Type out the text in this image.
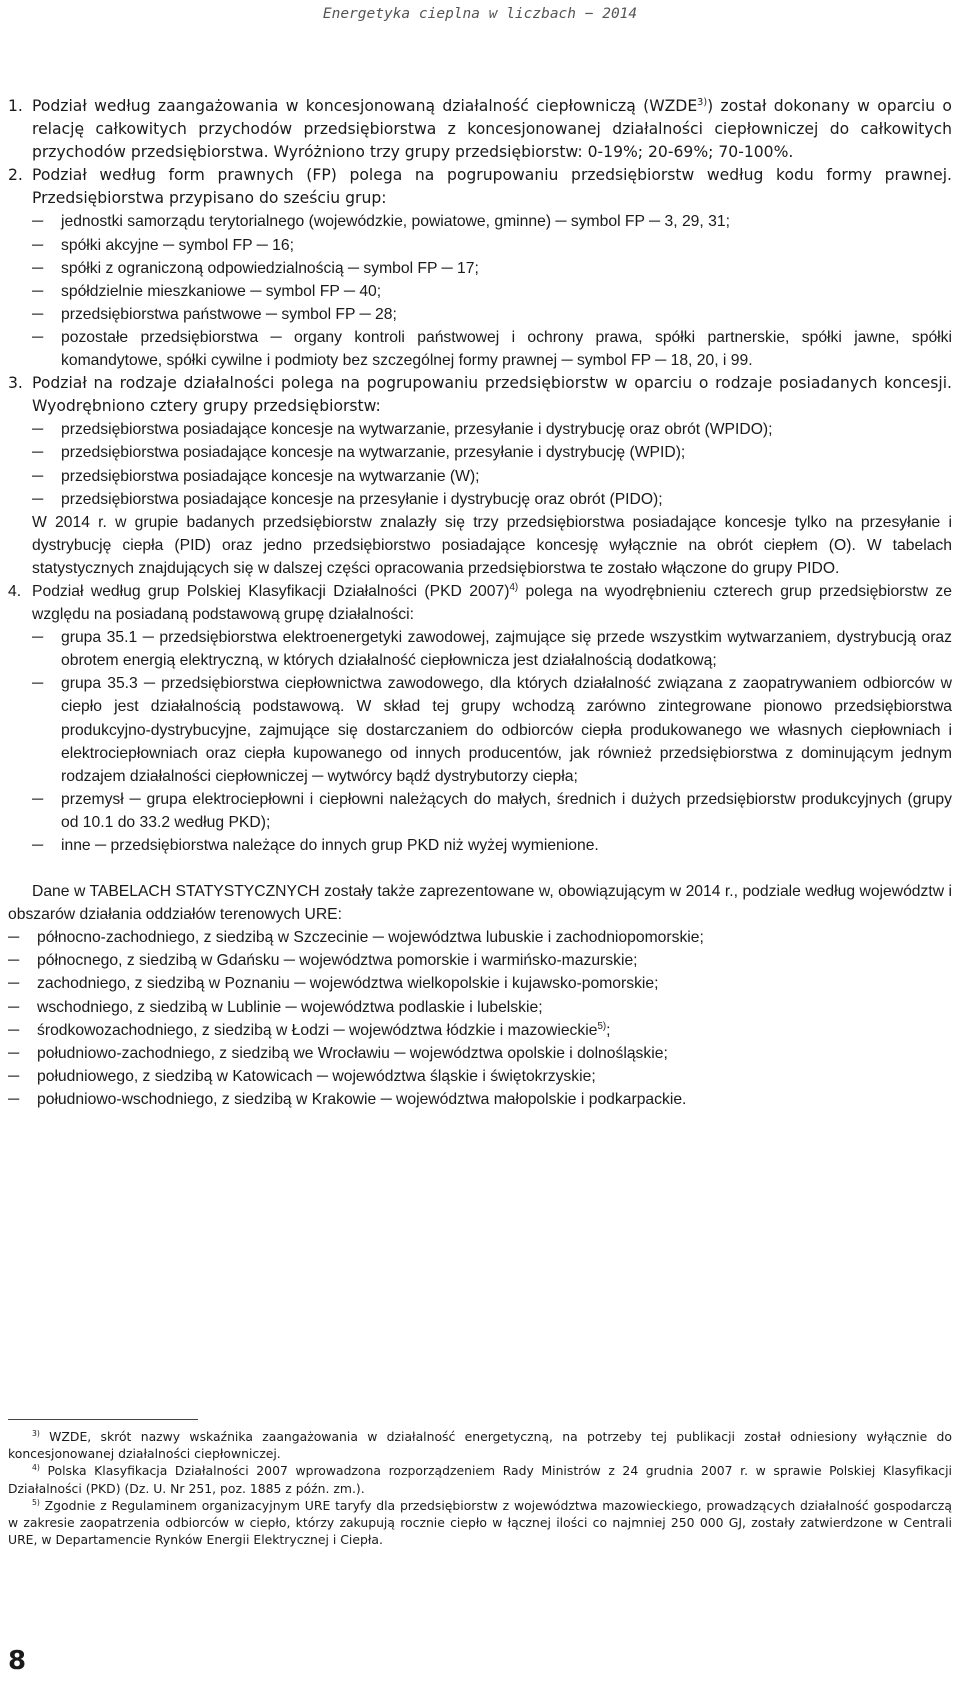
Energetyka cieplna w liczbach − 2014
1. Podział według zaangażowania w koncesjonowaną działalność ciepłowniczą (WZDE$^{3)}$) został dokonany w oparciu o relację całkowitych przychodów przedsiębiorstwa z koncesjonowanej działalności ciepłowniczej do całkowitych przychodów przedsiębiorstwa. Wyróżniono trzy grupy przedsiębiorstw: 0-19%; 20-69%; 70-100%.
2. Podział według form prawnych (FP) polega na pogrupowaniu przedsiębiorstw według kodu formy prawnej. Przedsiębiorstwa przypisano do sześciu grup:
─ jednostki samorządu terytorialnego (wojewódzkie, powiatowe, gminne) ─ symbol FP ─ 3, 29, 31;
─ spółki akcyjne ─ symbol FP ─ 16;
─ spółki z ograniczoną odpowiedzialnością ─ symbol FP ─ 17;
─ spółdzielnie mieszkaniowe ─ symbol FP ─ 40;
─ przedsiębiorstwa państwowe ─ symbol FP ─ 28;
─ pozostałe przedsiębiorstwa ─ organy kontroli państwowej i ochrony prawa, spółki partnerskie, spółki jawne, spółki komandytowe, spółki cywilne i podmioty bez szczególnej formy prawnej ─ symbol FP ─ 18, 20, i 99.
3. Podział na rodzaje działalności polega na pogrupowaniu przedsiębiorstw w oparciu o rodzaje posiadanych koncesji. Wyodrębniono cztery grupy przedsiębiorstw:
─ przedsiębiorstwa posiadające koncesje na wytwarzanie, przesyłanie i dystrybucję oraz obrót (WPIDO);
─ przedsiębiorstwa posiadające koncesje na wytwarzanie, przesyłanie i dystrybucję (WPID);
─ przedsiębiorstwa posiadające koncesje na wytwarzanie (W);
─ przedsiębiorstwa posiadające koncesje na przesyłanie i dystrybucję oraz obrót (PIDO);
W 2014 r. w grupie badanych przedsiębiorstw znalazły się trzy przedsiębiorstwa posiadające koncesje tylko na przesyłanie i dystrybucję ciepła (PID) oraz jedno przedsiębiorstwo posiadające koncesję wyłącznie na obrót ciepłem (O). W tabelach statystycznych znajdujących się w dalszej części opracowania przedsiębiorstwa te zostało włączone do grupy PIDO.
4. Podział według grup Polskiej Klasyfikacji Działalności (PKD 2007)$^{4)}$ polega na wyodrębnieniu czterech grup przedsiębiorstw ze względu na posiadaną podstawową grupę działalności:
─ grupa 35.1 ─ przedsiębiorstwa elektroenergetyki zawodowej, zajmujące się przede wszystkim wytwarzaniem, dystrybucją oraz obrotem energią elektryczną, w których działalność ciepłownicza jest działalnością dodatkową;
─ grupa 35.3 ─ przedsiębiorstwa ciepłownictwa zawodowego, dla których działalność związana z zaopatrywaniem odbiorców w ciepło jest działalnością podstawową. W skład tej grupy wchodzą zarówno zintegrowane pionowo przedsiębiorstwa produkcyjno-dystrybucyjne, zajmujące się dostarczaniem do odbiorców ciepła produkowanego we własnych ciepłowniach i elektrociepłowniach oraz ciepła kupowanego od innych producentów, jak również przedsiębiorstwa z dominującym jednym rodzajem działalności ciepłowniczej ─ wytwórcy bądź dystrybutorzy ciepła;
─ przemysł ─ grupa elektrociepłowni i ciepłowni należących do małych, średnich i dużych przedsiębiorstw produkcyjnych (grupy od 10.1 do 33.2 według PKD);
─ inne ─ przedsiębiorstwa należące do innych grup PKD niż wyżej wymienione.
Dane w TABELACH STATYSTYCZNYCH zostały także zaprezentowane w, obowiązującym w 2014 r., podziale według województw i obszarów działania oddziałów terenowych URE:
─ północno-zachodniego, z siedzibą w Szczecinie ─ województwa lubuskie i zachodniopomorskie;
─ północnego, z siedzibą w Gdańsku ─ województwa pomorskie i warmińsko-mazurskie;
─ zachodniego, z siedzibą w Poznaniu ─ województwa wielkopolskie i kujawsko-pomorskie;
─ wschodniego, z siedzibą w Lublinie ─ województwa podlaskie i lubelskie;
─ środkowozachodniego, z siedzibą w Łodzi ─ województwa łódzkie i mazowieckie$^{5)}$;
─ południowo-zachodniego, z siedzibą we Wrocławiu ─ województwa opolskie i dolnośląskie;
─ południowego, z siedzibą w Katowicach ─ województwa śląskie i świętokrzyskie;
─ południowo-wschodniego, z siedzibą w Krakowie ─ województwa małopolskie i podkarpackie.

$^{3)}$ WZDE, skrót nazwy wskaźnika zaangażowania w działalność energetyczną, na potrzeby tej publikacji został odniesiony wyłącznie do koncesjonowanej działalności ciepłowniczej.

$^{4)}$ Polska Klasyfikacja Działalności 2007 wprowadzona rozporządzeniem Rady Ministrów z 24 grudnia 2007 r. w sprawie Polskiej Klasyfikacji Działalności (PKD) (Dz. U. Nr 251, poz. 1885 z późn. zm.).

$^{5)}$ Zgodnie z Regulaminem organizacyjnym URE taryfy dla przedsiębiorstw z województwa mazowieckiego, prowadzących działalność gospodarczą w zakresie zaopatrzenia odbiorców w ciepło, którzy zakupują rocznie ciepło w łącznej ilości co najmniej 250 000 GJ, zostały zatwierdzone w Centrali URE, w Departamencie Rynków Energii Elektrycznej i Ciepła.

8
